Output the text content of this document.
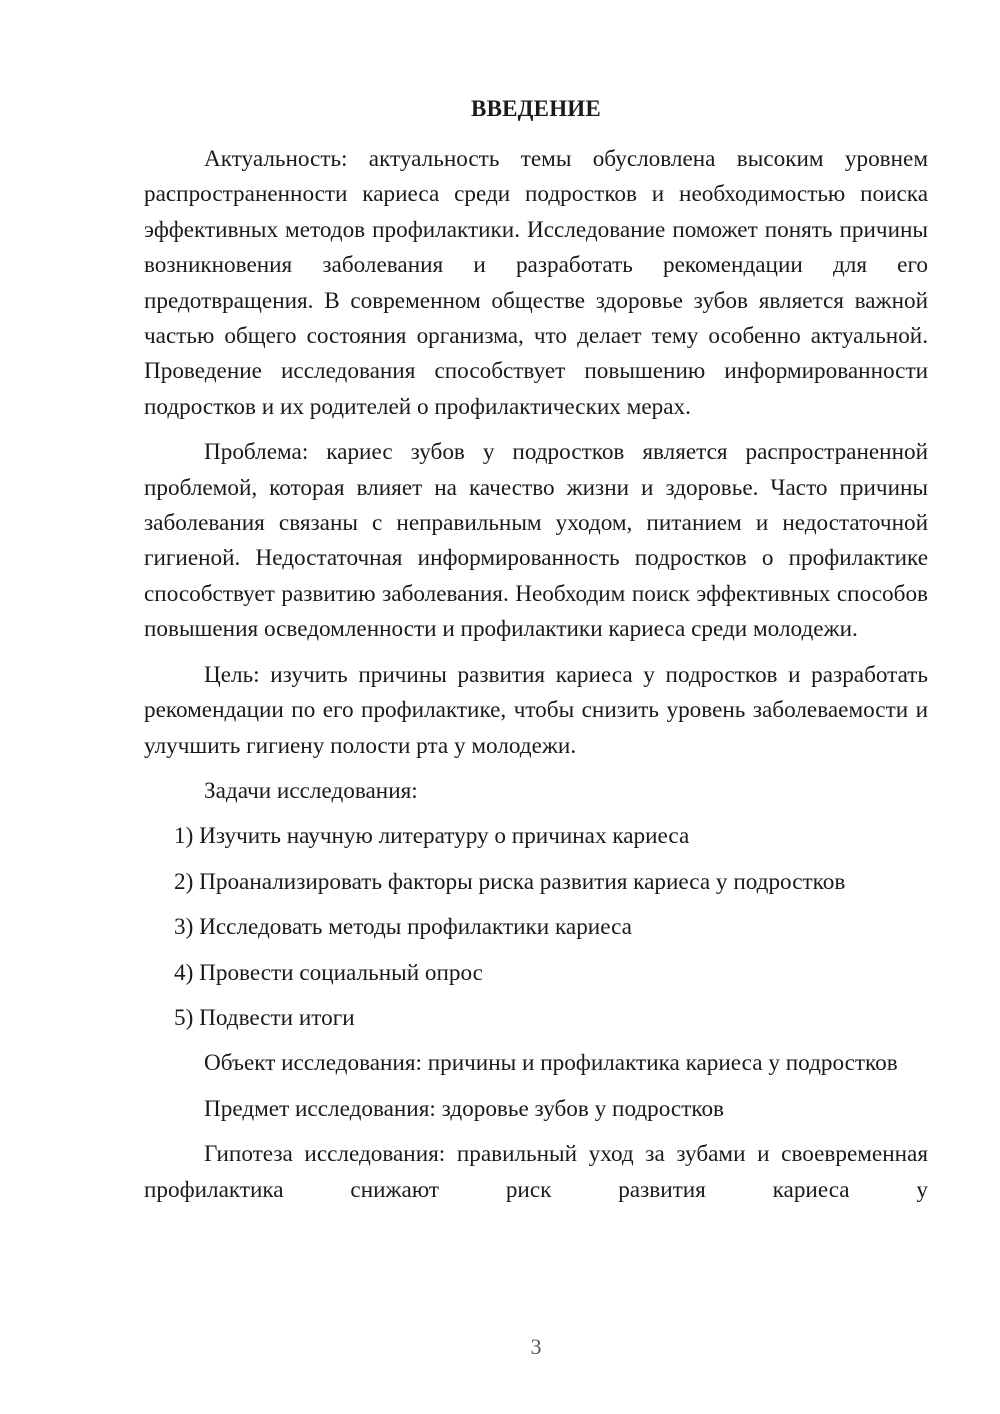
ВВЕДЕНИЕ

Актуальность: актуальность темы обусловлена высоким уровнем распространенности кариеса среди подростков и необходимостью поиска эффективных методов профилактики. Исследование поможет понять причины возникновения заболевания и разработать рекомендации для его предотвращения. В современном обществе здоровье зубов является важной частью общего состояния организма, что делает тему особенно актуальной. Проведение исследования способствует повышению информированности подростков и их родителей о профилактических мерах.

Проблема: кариес зубов у подростков является распространенной проблемой, которая влияет на качество жизни и здоровье. Часто причины заболевания связаны с неправильным уходом, питанием и недостаточной гигиеной. Недостаточная информированность подростков о профилактике способствует развитию заболевания. Необходим поиск эффективных способов повышения осведомленности и профилактики кариеса среди молодежи.

Цель: изучить причины развития кариеса у подростков и разработать рекомендации по его профилактике, чтобы снизить уровень заболеваемости и улучшить гигиену полости рта у молодежи.

Задачи исследования:

1) Изучить научную литературу о причинах кариеса
2) Проанализировать факторы риска развития кариеса у подростков
3) Исследовать методы профилактики кариеса
4) Провести социальный опрос
5) Подвести итоги

Объект исследования: причины и профилактика кариеса у подростков

Предмет исследования: здоровье зубов у подростков

Гипотеза исследования: правильный уход за зубами и своевременная профилактика снижают риск развития кариеса у

3
